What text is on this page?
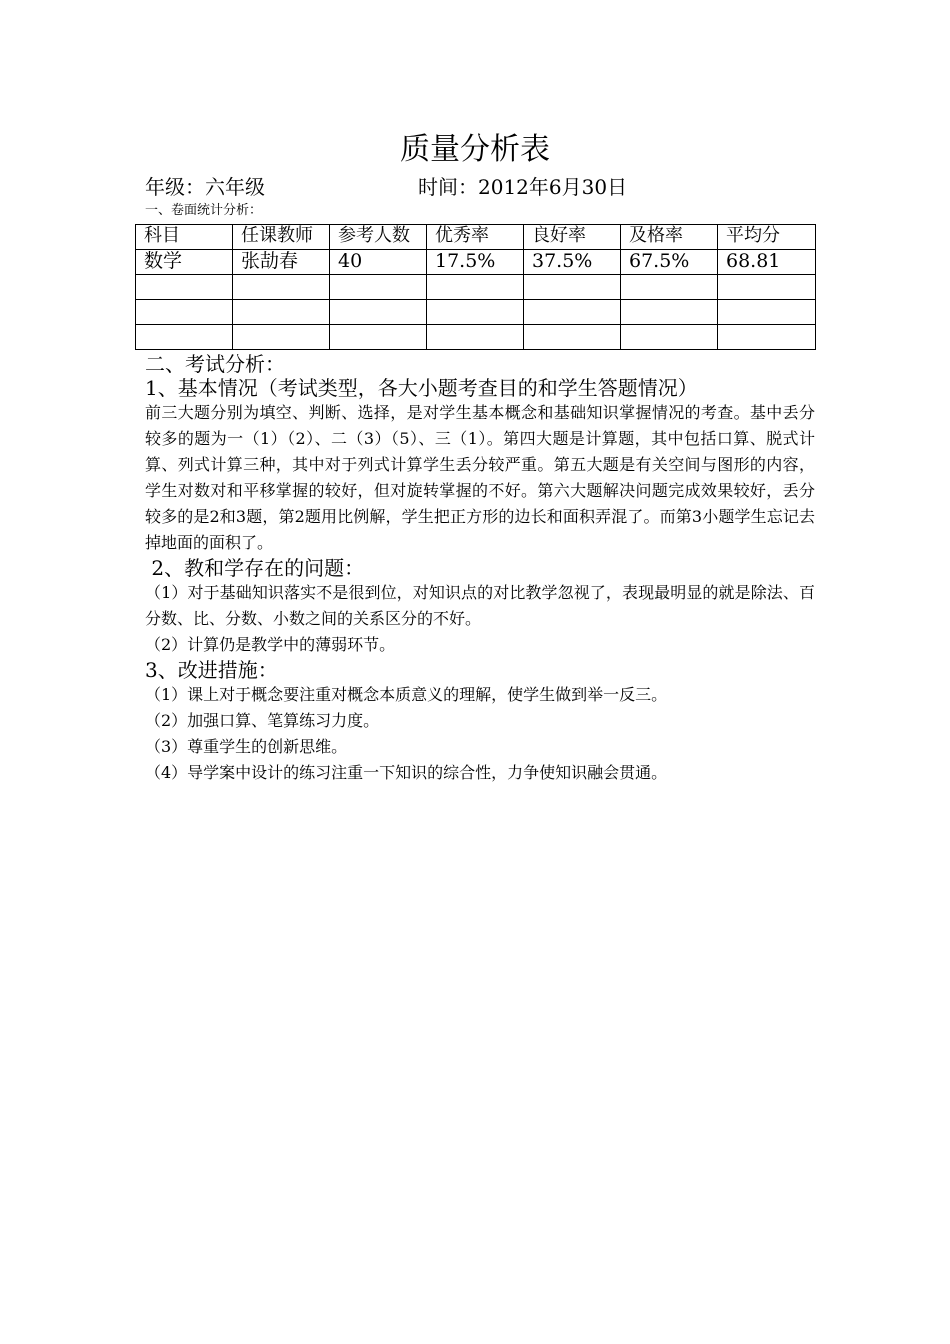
质量分析表
年级：六年级	时间：2012年6月30日
一、卷面统计分析：
科目	任课教师	参考人数	优秀率	良好率	及格率	平均分
数学	张劼春	40	17.5%	37.5%	67.5%	68.81

二、考试分析：
1、基本情况（考试类型，各大小题考查目的和学生答题情况）

前三大题分别为填空、判断、选择，是对学生基本概念和基础知识掌握情况的考查。基中丢分较多的题为一（1）（2）、二（3）（5）、三（1）。第四大题是计算题，其中包括口算、脱式计算、列式计算三种，其中对于列式计算学生丢分较严重。第五大题是有关空间与图形的内容，学生对数对和平移掌握的较好，但对旋转掌握的不好。第六大题解决问题完成效果较好，丢分较多的是2和3题，第2题用比例解，学生把正方形的边长和面积弄混了。而第3小题学生忘记去掉地面的面积了。

2、教和学存在的问题：

（1）对于基础知识落实不是很到位，对知识点的对比教学忽视了，表现最明显的就是除法、百分数、比、分数、小数之间的关系区分的不好。

（2）计算仍是教学中的薄弱环节。
3、改进措施：
（1）课上对于概念要注重对概念本质意义的理解，使学生做到举一反三。
（2）加强口算、笔算练习力度。
（3）尊重学生的创新思维。
（4）导学案中设计的练习注重一下知识的综合性，力争使知识融会贯通。
